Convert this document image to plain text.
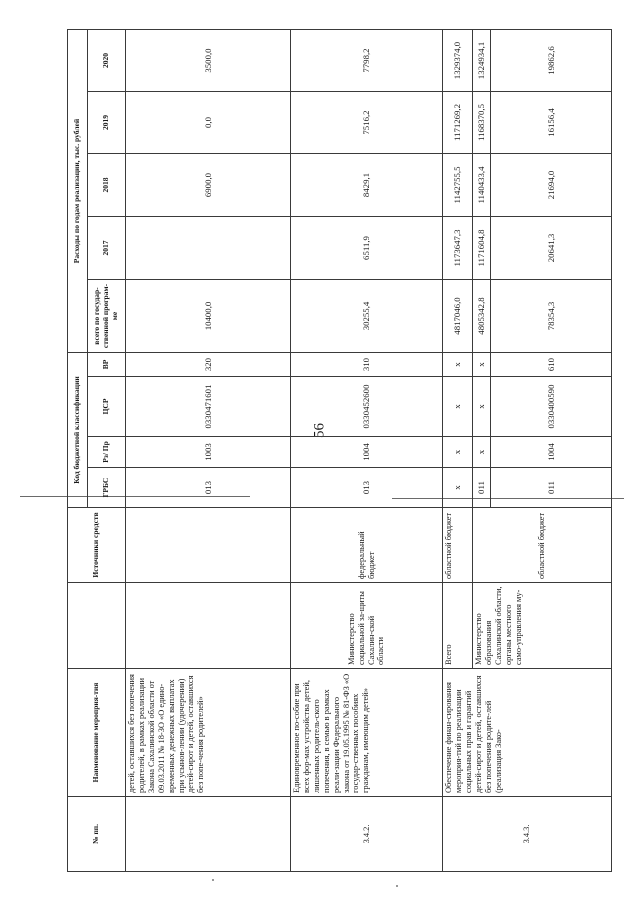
56
№ пп.	Наименование мероприя-тия		Источники средств	Код бюджетной классификации				Расходы по годам реализации, тыс. рублей				
				ГРБС	Рз/ Пр	ЦСР	ВР	всего по государ-ственной програм-ме	2017	2018	2019	2020
	детей, оставшихся без попечения родителей, в рамках реализации Закона Сахалинской области от 09.03.2011 № 18-ЗО «О едино-временных денежных выплатах при усынов-лении (удочерении) детей-сирот и детей, оставшихся без попе-чения родителей»			013	1003	0330471601	320	10400,0		6900,0	0,0	3500,0
3.4.2.	Единовременное по-собие при всех фор-мах устройства детей, лишенных родитель-ского попечения, в семью в рамках реали-зации Федерального закона от 19.05.1995 № 81-ФЗ «О государ-ственных пособиях гражданам, имеющим детей»	Министерство социальной за-щиты Сахалин-ской области	федеральный бюджет	013	1004	0330452600	310	30255,4	6511,9	8429,1	7516,2	7798,2
3.4.3.	Обеспечение финан-сирования мероприя-тий по реализации социальных прав и гарантий детей-сирот и детей, оставшихся без попечения родите-лей (реализация Зако-	Всего	областной бюджет	х	х	х	х	4817046,0	1173647,3	1142755,5	1171269,2	1329374,0
		Министерство образования Сахалинской области, органы местного само-управления му-	областной бюджет	011	х	х	х	4805342,8	1171604,8	1140433,4	1168370,5	1324934,1
				011	1004	0330400590	610	78354,3	20641,3	21694,0	16156,4	19862,6
